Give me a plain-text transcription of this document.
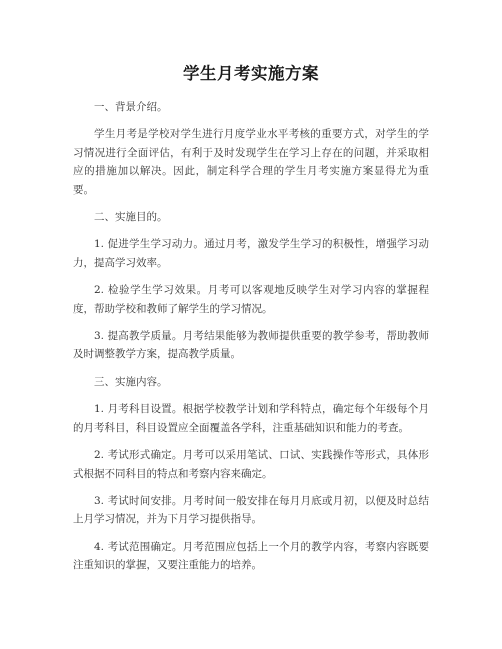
学生月考实施方案
一、背景介绍。
学生月考是学校对学生进行月度学业水平考核的重要方式，对学生的学习情况进行全面评估，有利于及时发现学生在学习上存在的问题，并采取相应的措施加以解决。因此，制定科学合理的学生月考实施方案显得尤为重要。
二、实施目的。
1. 促进学生学习动力。通过月考，激发学生学习的积极性，增强学习动力，提高学习效率。
2. 检验学生学习效果。月考可以客观地反映学生对学习内容的掌握程度，帮助学校和教师了解学生的学习情况。
3. 提高教学质量。月考结果能够为教师提供重要的教学参考，帮助教师及时调整教学方案，提高教学质量。
三、实施内容。
1. 月考科目设置。根据学校教学计划和学科特点，确定每个年级每个月的月考科目，科目设置应全面覆盖各学科，注重基础知识和能力的考查。
2. 考试形式确定。月考可以采用笔试、口试、实践操作等形式，具体形式根据不同科目的特点和考察内容来确定。
3. 考试时间安排。月考时间一般安排在每月月底或月初，以便及时总结上月学习情况，并为下月学习提供指导。
4. 考试范围确定。月考范围应包括上一个月的教学内容，考察内容既要注重知识的掌握，又要注重能力的培养。
